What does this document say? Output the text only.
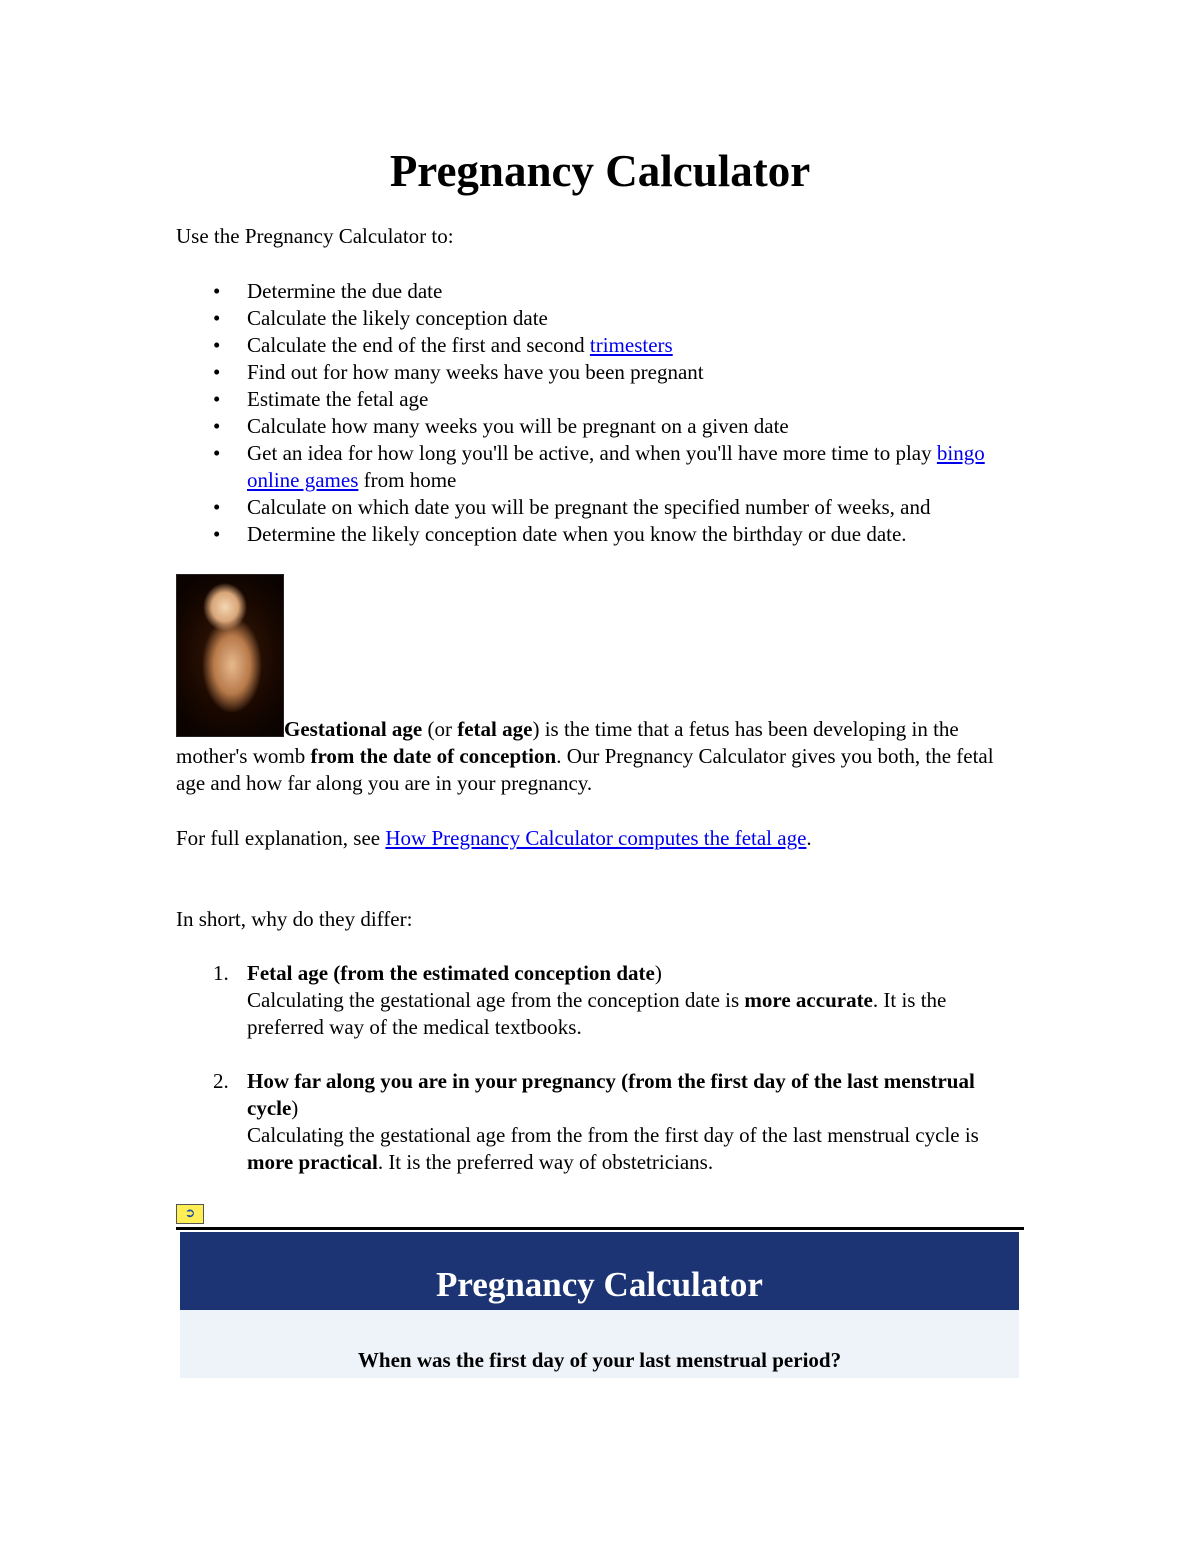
Pregnancy Calculator

Use the Pregnancy Calculator to:

• Determine the due date
• Calculate the likely conception date
• Calculate the end of the first and second trimesters
• Find out for how many weeks have you been pregnant
• Estimate the fetal age
• Calculate how many weeks you will be pregnant on a given date
• Get an idea for how long you'll be active, and when you'll have more time to play bingo online games from home
• Calculate on which date you will be pregnant the specified number of weeks, and
• Determine the likely conception date when you know the birthday or due date.

Gestational age (or fetal age) is the time that a fetus has been developing in the mother's womb from the date of conception. Our Pregnancy Calculator gives you both, the fetal age and how far along you are in your pregnancy.

For full explanation, see How Pregnancy Calculator computes the fetal age.

In short, why do they differ:

1. Fetal age (from the estimated conception date)
Calculating the gestational age from the conception date is more accurate. It is the preferred way of the medical textbooks.
2. How far along you are in your pregnancy (from the first day of the last menstrual cycle)
Calculating the gestational age from the from the first day of the last menstrual cycle is more practical. It is the preferred way of obstetricians.
➲
Pregnancy Calculator
When was the first day of your last menstrual period?
